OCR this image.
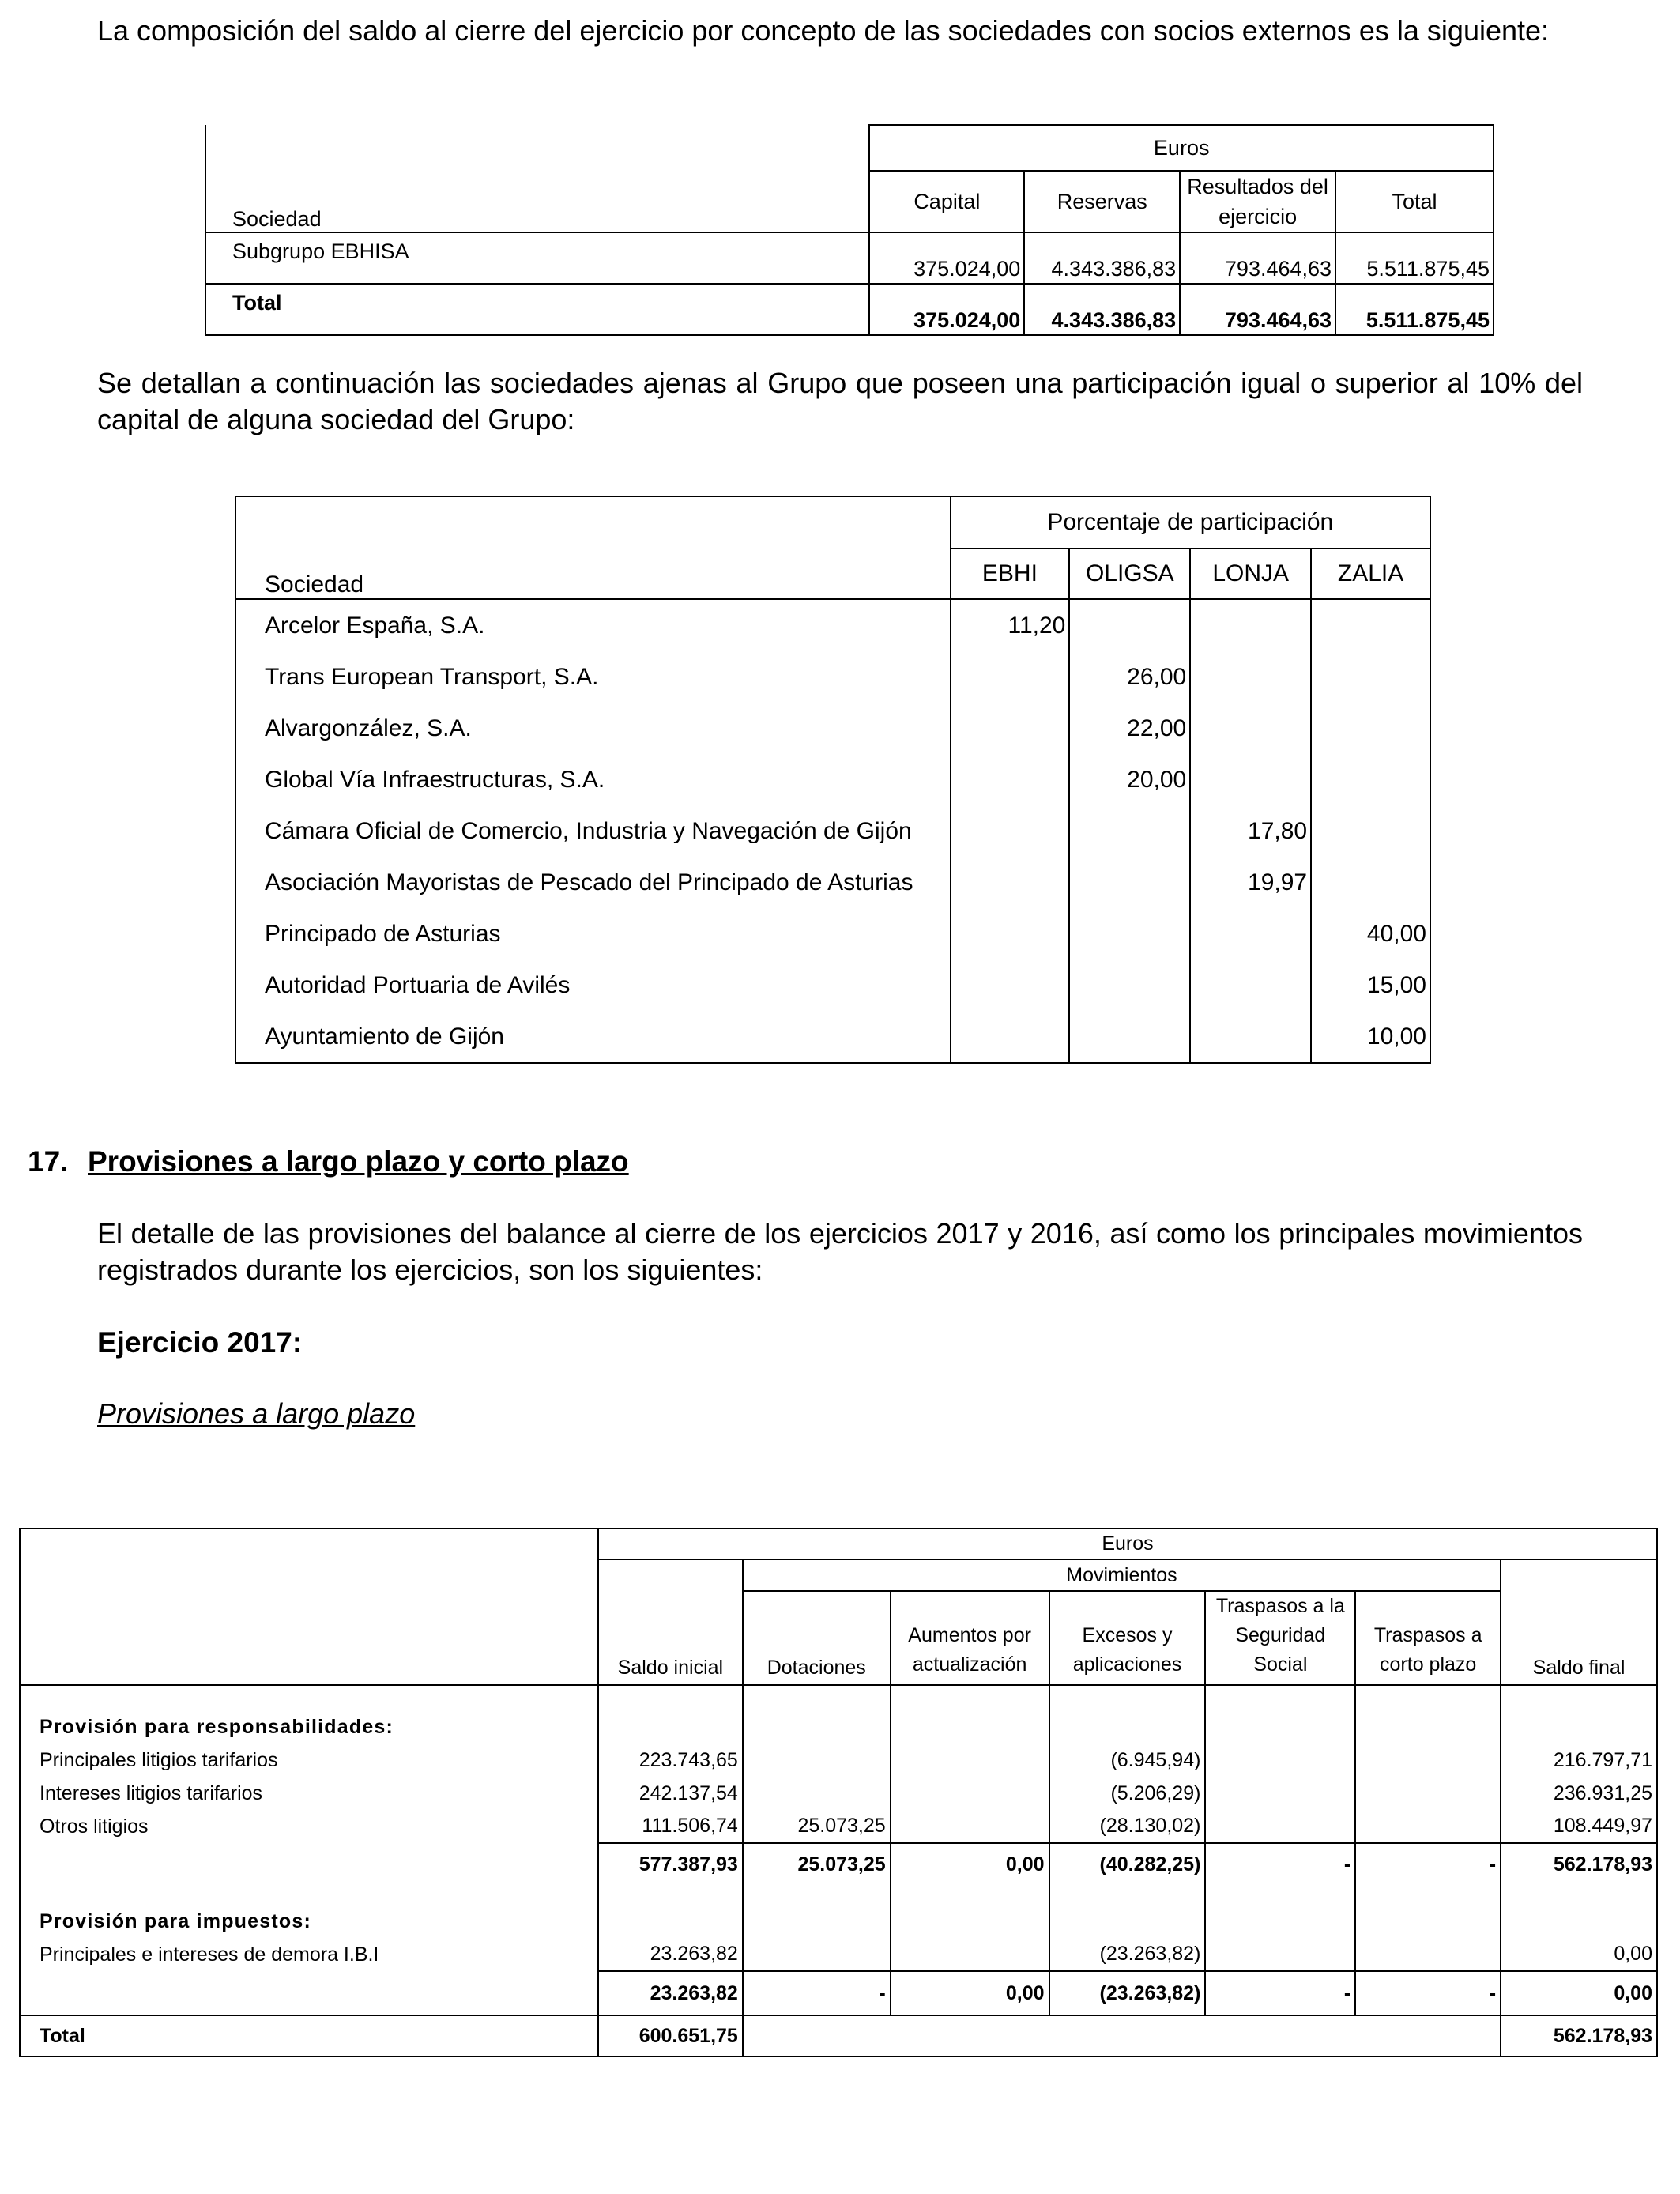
La composición del saldo al cierre del ejercicio por concepto de las sociedades con socios externos es la siguiente:

Sociedad	Euros			
	Capital	Reservas	Resultados del ejercicio	Total
Subgrupo EBHISA	375.024,00	4.343.386,83	793.464,63	5.511.875,45
Total	375.024,00	4.343.386,83	793.464,63	5.511.875,45

Se detallan a continuación las sociedades ajenas al Grupo que poseen una participación igual o superior al 10% del capital de alguna sociedad del Grupo:

Sociedad	Porcentaje de participación			
	EBHI	OLIGSA	LONJA	ZALIA
Arcelor España, S.A.	11,20			
Trans European Transport, S.A.		26,00		
Alvargonzález, S.A.		22,00		
Global Vía Infraestructuras, S.A.		20,00		
Cámara Oficial de Comercio, Industria y Navegación de Gijón			17,80	
Asociación Mayoristas de Pescado del Principado de Asturias			19,97	
Principado de Asturias				40,00
Autoridad Portuaria de Avilés				15,00
Ayuntamiento de Gijón				10,00
17. Provisiones a largo plazo y corto plazo

El detalle de las provisiones del balance al cierre de los ejercicios 2017 y 2016, así como los principales movimientos registrados durante los ejercicios, son los siguientes:

Ejercicio 2017:
Provisiones a largo plazo
	Euros						
	Saldo inicial	Movimientos					Saldo final
		Dotaciones	Aumentos por actualización	Excesos y aplicaciones	Traspasos a la Seguridad Social	Traspasos a corto plazo	

Provisión para responsabilidades:							
Principales litigios tarifarios	223.743,65			(6.945,94)			216.797,71
Intereses litigios tarifarios	242.137,54			(5.206,29)			236.931,25
Otros litigios	111.506,74	25.073,25		(28.130,02)			108.449,97
	577.387,93	25.073,25	0,00	(40.282,25)	-	-	562.178,93

Provisión para impuestos:							
Principales e intereses de demora I.B.I	23.263,82			(23.263,82)			0,00
	23.263,82	-	0,00	(23.263,82)	-	-	0,00
Total	600.651,75						562.178,93
